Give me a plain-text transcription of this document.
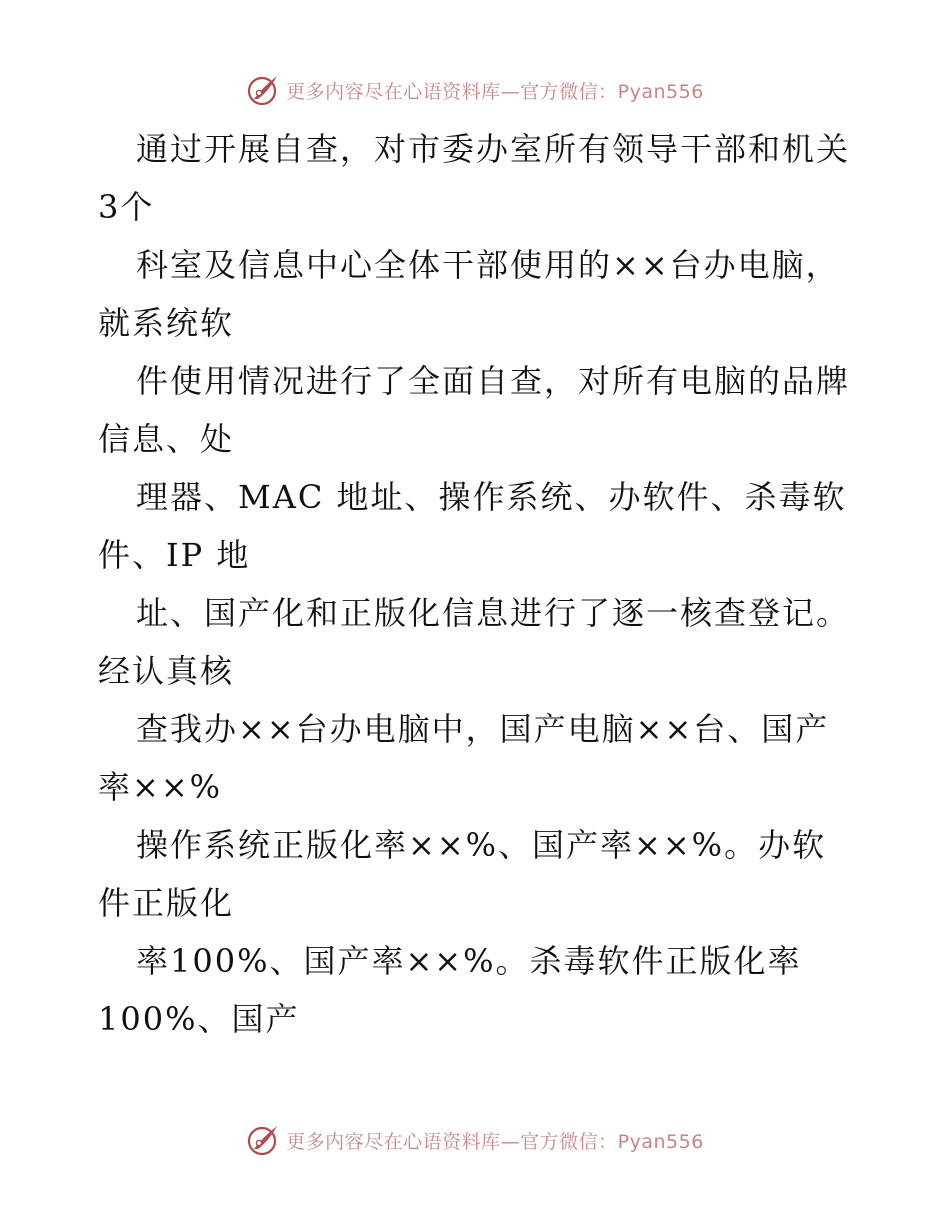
更多内容尽在心语资料库—官方微信：Pyan556

通过开展自查，对市委办室所有领导干部和机关

3个

科室及信息中心全体干部使用的××台办电脑，

就系统软

件使用情况进行了全面自查，对所有电脑的品牌

信息、处

理器、MAC 地址、操作系统、办软件、杀毒软

件、IP 地

址、国产化和正版化信息进行了逐一核查登记。

经认真核

查我办××台办电脑中，国产电脑××台、国产

率××%

操作系统正版化率××%、国产率××%。办软

件正版化

率100%、国产率××%。杀毒软件正版化率

100%、国产

更多内容尽在心语资料库—官方微信：Pyan556
